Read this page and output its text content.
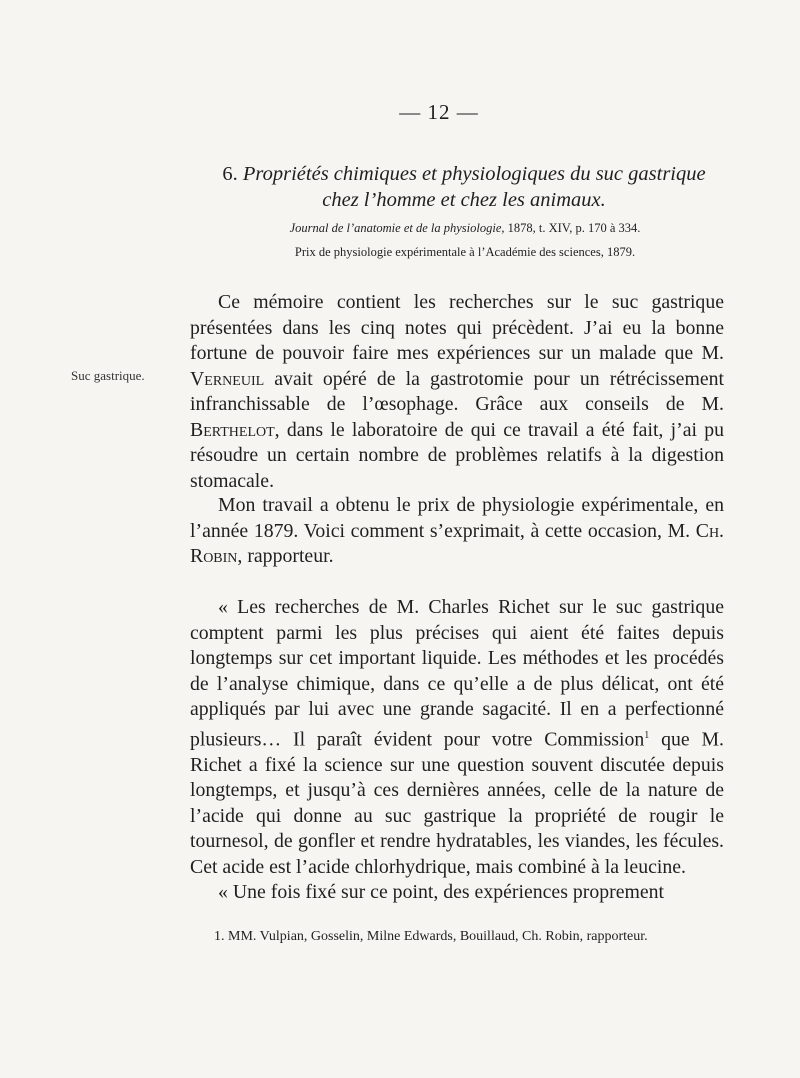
— 12 —
6. Propriétés chimiques et physiologiques du suc gastrique
chez l’homme et chez les animaux.
Journal de l’anatomie et de la physiologie, 1878, t. XIV, p. 170 à 334.
Prix de physiologie expérimentale à l’Académie des sciences, 1879.
Suc gastrique.

Ce mémoire contient les recherches sur le suc gastrique présentées dans les cinq notes qui précèdent. J’ai eu la bonne fortune de pouvoir faire mes expériences sur un malade que M. Verneuil avait opéré de la gastrotomie pour un rétrécissement infranchissable de l’œsophage. Grâce aux conseils de M. Berthelot, dans le laboratoire de qui ce travail a été fait, j’ai pu résoudre un certain nombre de problèmes relatifs à la digestion stomacale.

Mon travail a obtenu le prix de physiologie expérimentale, en l’année 1879. Voici comment s’exprimait, à cette occasion, M. Ch. Robin, rapporteur.

« Les recherches de M. Charles Richet sur le suc gastrique comptent parmi les plus précises qui aient été faites depuis longtemps sur cet important liquide. Les méthodes et les procédés de l’analyse chimique, dans ce qu’elle a de plus délicat, ont été appliqués par lui avec une grande sagacité. Il en a perfectionné plusieurs… Il paraît évident pour votre Commission$^1$ que M. Richet a fixé la science sur une question souvent discutée depuis longtemps, et jusqu’à ces dernières années, celle de la nature de l’acide qui donne au suc gastrique la propriété de rougir le tournesol, de gonfler et rendre hydratables, les viandes, les fécules. Cet acide est l’acide chlorhydrique, mais combiné à la leucine.

« Une fois fixé sur ce point, des expériences proprement

1. MM. Vulpian, Gosselin, Milne Edwards, Bouillaud, Ch. Robin, rapporteur.
